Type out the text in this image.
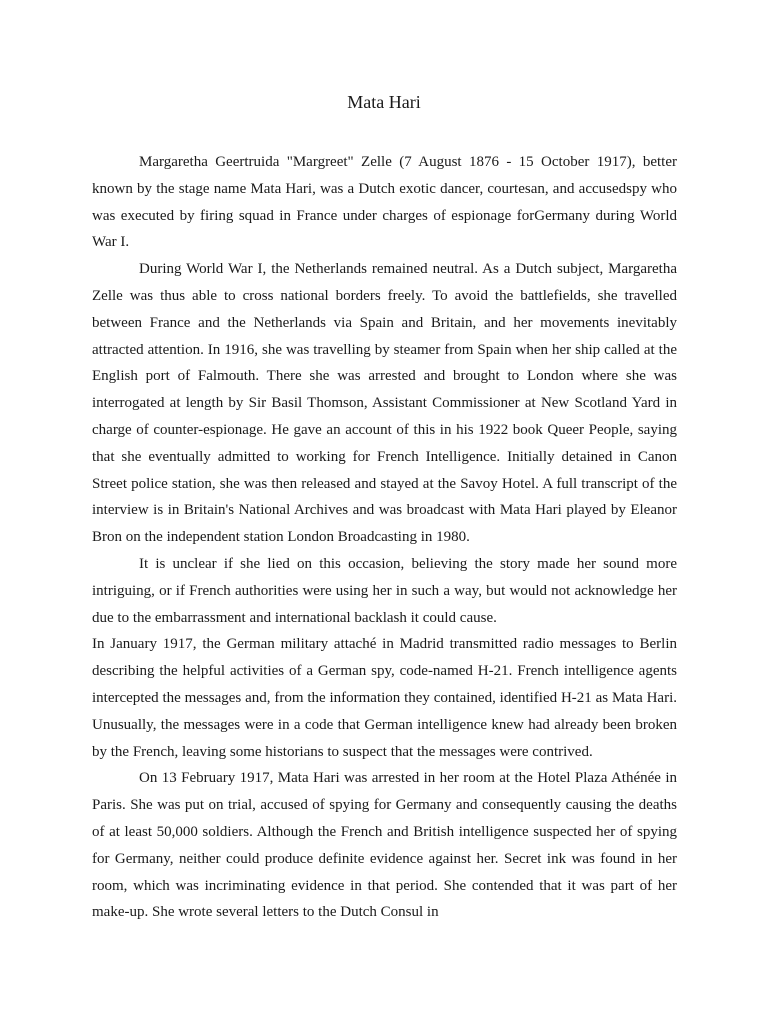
Mata Hari

Margaretha Geertruida "Margreet" Zelle (7 August 1876 - 15 October 1917), better known by the stage name Mata Hari, was a Dutch exotic dancer, courtesan, and accusedspy who was executed by firing squad in France under charges of espionage forGermany during World War I.

During World War I, the Netherlands remained neutral. As a Dutch subject, Margaretha Zelle was thus able to cross national borders freely. To avoid the battlefields, she travelled between France and the Netherlands via Spain and Britain, and her movements inevitably attracted attention. In 1916, she was travelling by steamer from Spain when her ship called at the English port of Falmouth. There she was arrested and brought to London where she was interrogated at length by Sir Basil Thomson, Assistant Commissioner at New Scotland Yard in charge of counter-espionage. He gave an account of this in his 1922 book Queer People, saying that she eventually admitted to working for French Intelligence. Initially detained in Canon Street police station, she was then released and stayed at the Savoy Hotel. A full transcript of the interview is in Britain's National Archives and was broadcast with Mata Hari played by Eleanor Bron on the independent station London Broadcasting in 1980.

It is unclear if she lied on this occasion, believing the story made her sound more intriguing, or if French authorities were using her in such a way, but would not acknowledge her due to the embarrassment and international backlash it could cause.

In January 1917, the German military attaché in Madrid transmitted radio messages to Berlin describing the helpful activities of a German spy, code-named H-21. French intelligence agents intercepted the messages and, from the information they contained, identified H-21 as Mata Hari. Unusually, the messages were in a code that German intelligence knew had already been broken by the French, leaving some historians to suspect that the messages were contrived.

On 13 February 1917, Mata Hari was arrested in her room at the Hotel Plaza Athénée in Paris. She was put on trial, accused of spying for Germany and consequently causing the deaths of at least 50,000 soldiers. Although the French and British intelligence suspected her of spying for Germany, neither could produce definite evidence against her. Secret ink was found in her room, which was incriminating evidence in that period. She contended that it was part of her make-up. She wrote several letters to the Dutch Consul in
